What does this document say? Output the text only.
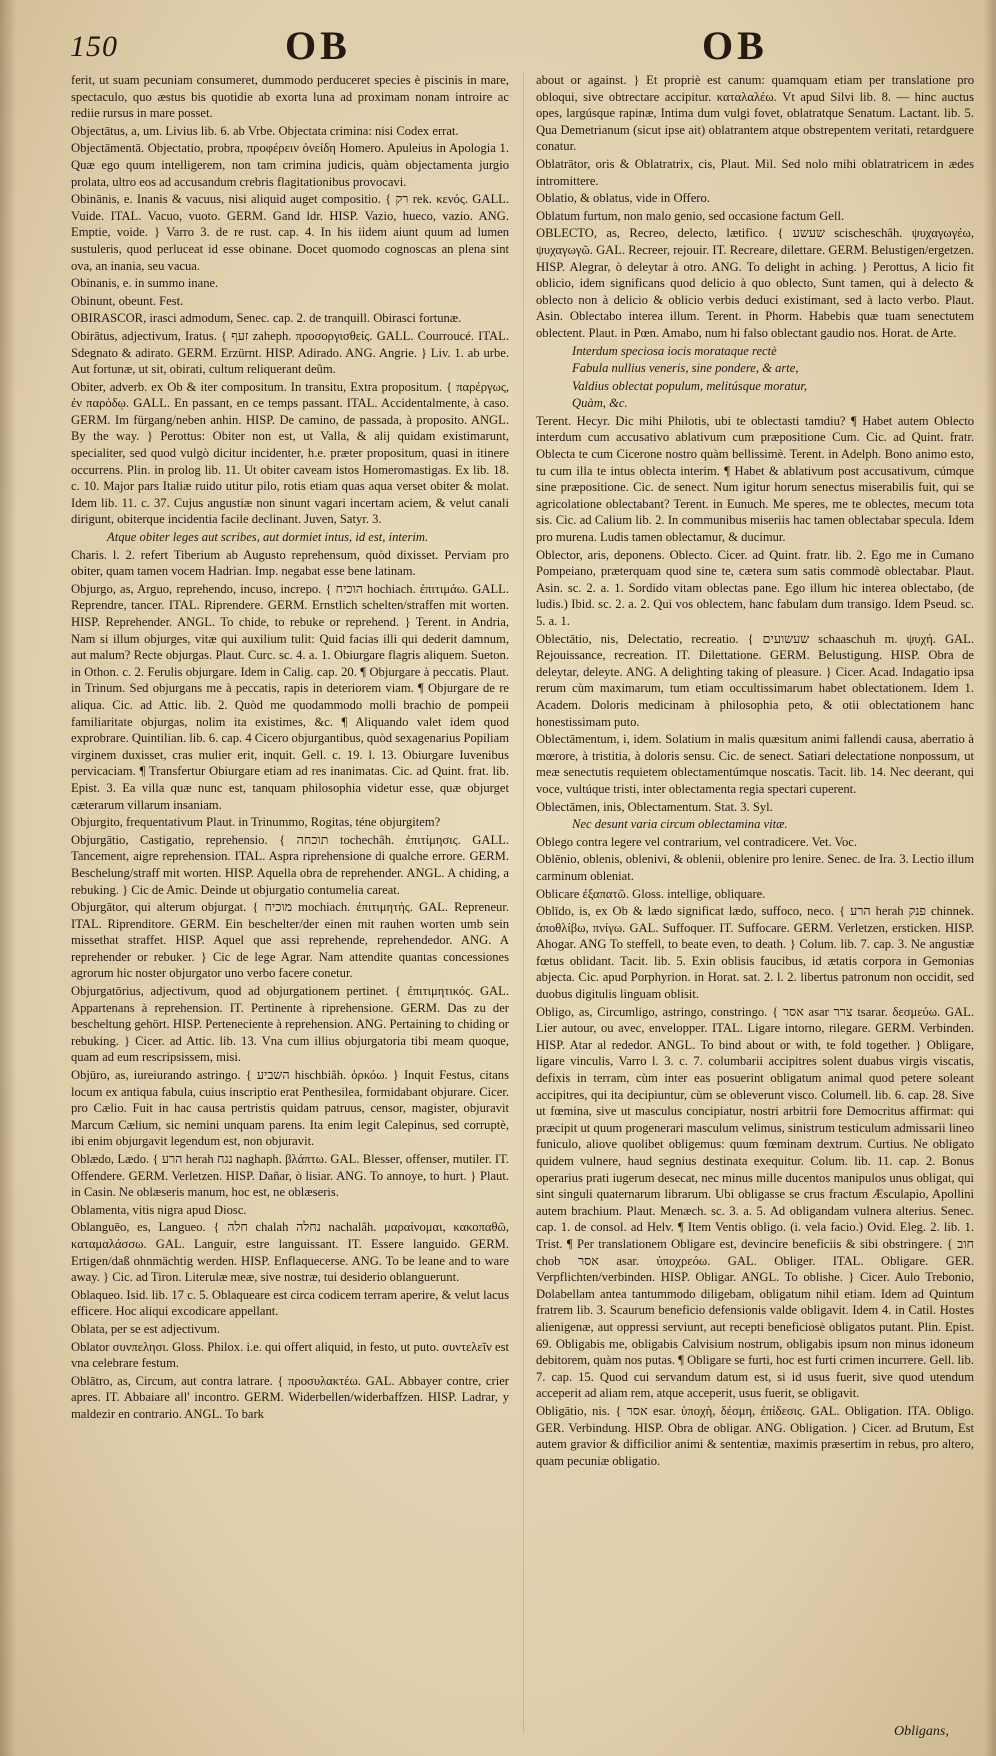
150	OB	OB

ferit, ut suam pecuniam consumeret, dummodo perduceret species è piscinis in mare, spectaculo, quo æstus bis quotidie ab exorta luna ad proximam nonam introire ac rediie rursus in mare posset.

Objectātus, a, um. Livius lib. 6. ab Vrbe. Objectata crimina: nisi Codex errat.

Objectāmentā. Objectatio, probra, προφέρειν ὀνείδη Homero. Apuleius in Apologia 1. Quæ ego quum intelligerem, non tam crimina judicis, quàm objectamenta jurgio prolata, ultro eos ad accusandum crebris flagitationibus provocavi.

Obinānis, e. Inanis & vacuus, nisi aliquid auget compositio. { רק rek. κενός. GALL. Vuide. ITAL. Vacuo, vuoto. GERM. Gand ldr. HISP. Vazio, hueco, vazio. ANG. Emptie, voide. } Varro 3. de re rust. cap. 4. In his iidem aiunt quum ad lumen sustuleris, quod perluceat id esse obinane. Docet quomodo cognoscas an plena sint ova, an inania, seu vacua.

Obinanis, e. in summo inane.

Obinunt, obeunt. Fest.

OBIRASCOR, irasci admodum, Senec. cap. 2. de tranquill. Obirasci fortunæ.

Obirātus, adjectivum, Iratus. { זעף zaheph. προσοργισθείς. GALL. Courroucé. ITAL. Sdegnato & adirato. GERM. Erzürnt. HISP. Adirado. ANG. Angrie. } Liv. 1. ab urbe. Aut fortunæ, ut sit, obirati, cultum reliquerant deûm.

Obiter, adverb. ex Ob & iter compositum. In transitu, Extra propositum. { παρέργως, ἐν παρόδῳ. GALL. En passant, en ce temps passant. ITAL. Accidentalmente, à caso. GERM. Im fürgang/neben anhin. HISP. De camino, de passada, à proposito. ANGL. By the way. } Perottus: Obiter non est, ut Valla, & alij quidam existimarunt, specialiter, sed quod vulgò dicitur incidenter, h.e. præter propositum, quasi in itinere occurrens. Plin. in prolog lib. 11. Ut obiter caveam istos Homeromastigas. Ex lib. 18. c. 10. Major pars Italiæ ruido utitur pilo, rotis etiam quas aqua verset obiter & molat. Idem lib. 11. c. 37. Cujus angustiæ non sinunt vagari incertam aciem, & velut canali dirigunt, obiterque incidentia facile declinant. Juven, Satyr. 3.

Atque obiter leges aut scribes, aut dormiet intus, id est, interim.

Charis. l. 2. refert Tiberium ab Augusto reprehensum, quòd dixisset. Perviam pro obiter, quam tamen vocem Hadrian. Imp. negabat esse bene latinam.

Objurgo, as, Arguo, reprehendo, incuso, increpo. { הוכיח hochiach. ἐπιτιμάω. GALL. Reprendre, tancer. ITAL. Riprendere. GERM. Ernstlich schelten/straffen mit worten. HISP. Reprehender. ANGL. To chide, to rebuke or reprehend. } Terent. in Andria, Nam si illum objurges, vitæ qui auxilium tulit: Quid facias illi qui dederit damnum, aut malum? Recte objurgas. Plaut. Curc. sc. 4. a. 1. Obiurgare flagris aliquem. Sueton. in Othon. c. 2. Ferulis objurgare. Idem in Calig. cap. 20. ¶ Objurgare à peccatis. Plaut. in Trinum. Sed objurgans me à peccatis, rapis in deteriorem viam. ¶ Objurgare de re aliqua. Cic. ad Attic. lib. 2. Quòd me quodammodo molli brachio de pompeii familiaritate objurgas, nolim ita existimes, &c. ¶ Aliquando valet idem quod exprobrare. Quintilian. lib. 6. cap. 4 Cicero objurgantibus, quòd sexagenarius Popiliam virginem duxisset, cras mulier erit, inquit. Gell. c. 19. l. 13. Obiurgare Iuvenibus pervicaciam. ¶ Transfertur Obiurgare etiam ad res inanimatas. Cic. ad Quint. frat. lib. Epist. 3. Ea villa quæ nunc est, tanquam philosophia videtur esse, quæ objurget cæterarum villarum insaniam.

Objurgito, frequentativum Plaut. in Trinummo, Rogitas, téne objurgitem?

Objurgātio, Castigatio, reprehensio. { תוכחה tochechâh. ἐπιτίμησις. GALL. Tancement, aigre reprehension. ITAL. Aspra riprehensione di qualche errore. GERM. Beschelung/straff mit worten. HISP. Aquella obra de reprehender. ANGL. A chiding, a rebuking. } Cic de Amic. Deinde ut objurgatio contumelia careat.

Objurgātor, qui alterum objurgat. { מוכיח mochiach. ἐπιτιμητής. GAL. Repreneur. ITAL. Riprenditore. GERM. Ein beschelter/der einen mit rauhen worten umb sein missethat straffet. HISP. Aquel que assi reprehende, reprehendedor. ANG. A reprehender or rebuker. } Cic de lege Agrar. Nam attendite quantas concessiones agrorum hic noster objurgator uno verbo facere conetur.

Objurgatōrius, adjectivum, quod ad objurgationem pertinet. { ἐπιτιμητικός. GAL. Appartenans à reprehension. IT. Pertinente à riprehensione. GERM. Das zu der bescheltung gehört. HISP. Perteneciente à reprehension. ANG. Pertaining to chiding or rebuking. } Cicer. ad Attic. lib. 13. Vna cum illius objurgatoria tibi meam quoque, quam ad eum rescripsissem, misi.

Objūro, as, iureiurando astringo. { השביע hischbiâh. ὁρκόω. } Inquit Festus, citans locum ex antiqua fabula, cuius inscriptio erat Penthesilea, formidabant objurare. Cicer. pro Cælio. Fuit in hac causa pertristis quidam patruus, censor, magister, objuravit Marcum Cælium, sic nemini unquam parens. Ita enim legit Calepinus, sed corruptè, ibi enim objurgavit legendum est, non objuravit.

Oblædo, Lædo. { הרע herah נגח naghaph. βλάπτω. GAL. Blesser, offenser, mutiler. IT. Offendere. GERM. Verletzen. HISP. Dañar, ò lisiar. ANG. To annoye, to hurt. } Plaut. in Casin. Ne oblæseris manum, hoc est, ne oblæseris.

Oblamenta, vitis nigra apud Diosc.

Oblanguēo, es, Langueo. { חלה chalah נחלה nachalâh. μαραίνομαι, κακοπαθῶ, καταμαλάσσω. GAL. Languir, estre languissant. IT. Essere languido. GERM. Ertigen/daß ohnmächtig werden. HISP. Enflaquecerse. ANG. To be leane and to ware away. } Cic. ad Tiron. Literulæ meæ, sive nostræ, tui desiderio oblanguerunt.

Oblaqueo. Isid. lib. 17 c. 5. Oblaqueare est circa codicem terram aperire, & velut lacus efficere. Hoc aliqui excodicare appellant.

Oblata, per se est adjectivum.

Oblator συνπελησι. Gloss. Philox. i.e. qui offert aliquid, in festo, ut puto. συντελεῖν est vna celebrare festum.

Oblātro, as, Circum, aut contra latrare. { προσυλακτέω. GAL. Abbayer contre, crier apres. IT. Abbaiare all' incontro. GERM. Widerbellen/widerbaffzen. HISP. Ladrar, y maldezir en contrario. ANGL. To bark

about or against. } Et propriè est canum: quamquam etiam per translatione pro obloqui, sive obtrectare accipitur. καταλαλέω. Vt apud Silvi lib. 8. — hinc auctus opes, largúsque rapinæ, Intima dum vulgi fovet, oblatratque Senatum. Lactant. lib. 5. Qua Demetrianum (sicut ipse ait) oblatrantem atque obstrepentem veritati, retardguere conatur.

Oblatrātor, oris & Oblatratrix, cis, Plaut. Mil. Sed nolo mihi oblatratricem in ædes intromittere.

Oblatio, & oblatus, vide in Offero.

Oblatum furtum, non malo genio, sed occasione factum Gell.

OBLECTO, as, Recreo, delecto, lætifico. { שעשע scischeschâh. ψυχαγωγέω, ψυχαγωγῶ. GAL. Recreer, rejouir. IT. Recreare, dilettare. GERM. Belustigen/ergetzen. HISP. Alegrar, ò deleytar à otro. ANG. To delight in aching. } Perottus, A licio fit oblicio, idem significans quod delicio à quo oblecto, Sunt tamen, qui à delecto & oblecto non à delicio & oblicio verbis deduci existimant, sed à lacto verbo. Plaut. Asin. Oblectabo interea illum. Terent. in Phorm. Habebis quæ tuam senectutem oblectent. Plaut. in Pœn. Amabo, num hi falso oblectant gaudio nos. Horat. de Arte.

Interdum speciosa iocis morataque rectè

Fabula nullius veneris, sine pondere, & arte,

Valdius oblectat populum, melitúsque moratur,

Quàm, &c.

Terent. Hecyr. Dic mihi Philotis, ubi te oblectasti tamdiu? ¶ Habet autem Oblecto interdum cum accusativo ablativum cum præpositione Cum. Cic. ad Quint. fratr. Oblecta te cum Cicerone nostro quàm bellissimè. Terent. in Adelph. Bono animo esto, tu cum illa te intus oblecta interim. ¶ Habet & ablativum post accusativum, cúmque sine præpositione. Cic. de senect. Num igitur horum senectus miserabilis fuit, qui se agricolatione oblectabant? Terent. in Eunuch. Me speres, me te oblectes, mecum tota sis. Cic. ad Calium lib. 2. In communibus miseriis hac tamen oblectabar specula. Idem pro murena. Ludis tamen oblectamur, & ducimur.

Oblector, aris, deponens. Oblecto. Cicer. ad Quint. fratr. lib. 2. Ego me in Cumano Pompeiano, præterquam quod sine te, cætera sum satis commodè oblectabar. Plaut. Asin. sc. 2. a. 1. Sordido vitam oblectas pane. Ego illum hic interea oblectabo, (de ludis.) Ibid. sc. 2. a. 2. Qui vos oblectem, hanc fabulam dum transigo. Idem Pseud. sc. 5. a. 1.

Oblectātio, nis, Delectatio, recreatio. { שעשועים schaaschuh m. ψυχή. GAL. Rejouissance, recreation. IT. Dilettatione. GERM. Belustigung. HISP. Obra de deleytar, deleyte. ANG. A delighting taking of pleasure. } Cicer. Acad. Indagatio ipsa rerum cùm maximarum, tum etiam occultissimarum habet oblectationem. Idem 1. Academ. Doloris medicinam à philosophia peto, & otii oblectationem hanc honestissimam puto.

Oblectāmentum, i, idem. Solatium in malis quæsitum animi fallendi causa, aberratio à mœrore, à tristitia, à doloris sensu. Cic. de senect. Satiari delectatione nonpossum, ut meæ senectutis requietem oblectamentúmque noscatis. Tacit. lib. 14. Nec deerant, qui voce, vultúque tristi, inter oblectamenta regia spectari cuperent.

Oblectāmen, inis, Oblectamentum. Stat. 3. Syl.

Nec desunt varia circum oblectamina vitæ.

Oblego contra legere vel contrarium, vel contradicere. Vet. Voc.

Oblēnio, oblenis, oblenivi, & oblenii, oblenire pro lenire. Senec. de Ira. 3. Lectio illum carminum obleniat.

Oblicare ἐξαπατῶ. Gloss. intellige, obliquare.

Oblīdo, is, ex Ob & lædo significat lædo, suffoco, neco. { הרע herah פנק chinnek. ἀποθλίβω, πνίγω. GAL. Suffoquer. IT. Suffocare. GERM. Verletzen, ersticken. HISP. Ahogar. ANG To steffell, to beate even, to death. } Colum. lib. 7. cap. 3. Ne angustiæ fœtus oblidant. Tacit. lib. 5. Exin oblisis faucibus, id ætatis corpora in Gemonias abjecta. Cic. apud Porphyrion. in Horat. sat. 2. l. 2. libertus patronum non occidit, sed duobus digitulis linguam oblisit.

Obligo, as, Circumligo, astringo, constringo. { אסר asar צרר tsarar. δεσμεύω. GAL. Lier autour, ou avec, envelopper. ITAL. Ligare intorno, rilegare. GERM. Verbinden. HISP. Atar al rededor. ANGL. To bind about or with, te fold together. } Obligare, ligare vinculis, Varro l. 3. c. 7. columbarii accipitres solent duabus virgis viscatis, defixis in terram, cùm inter eas posuerint obligatum animal quod petere soleant accipitres, qui ita decipiuntur, cùm se obleverunt visco. Columell. lib. 6. cap. 28. Sive ut fœmina, sive ut masculus concipiatur, nostri arbitrii fore Democritus affirmat: qui præcipit ut quum progenerari masculum velimus, sinistrum testiculum admissarii lineo funiculo, aliove quolibet obligemus: quum fœminam dextrum. Curtius. Ne obligato quidem vulnere, haud segnius destinata exequitur. Colum. lib. 11. cap. 2. Bonus operarius prati iugerum desecat, nec minus mille ducentos manipulos unus obligat, qui sint singuli quaternarum librarum. Ubi obligasse se crus fractum Æsculapio, Apollini autem brachium. Plaut. Menæch. sc. 3. a. 5. Ad obligandam vulnera alterius. Senec. cap. 1. de consol. ad Helv. ¶ Item Ventis obligo. (i. vela facio.) Ovid. Eleg. 2. lib. 1. Trist. ¶ Per translationem Obligare est, devincire beneficiis & sibi obstringere. { חוב chob אסר asar. ὑποχρεόω. GAL. Obliger. ITAL. Obligare. GER. Verpflichten/verbinden. HISP. Obligar. ANGL. To oblishe. } Cicer. Aulo Trebonio, Dolabellam antea tantummodo diligebam, obligatum nihil etiam. Idem ad Quintum fratrem lib. 3. Scaurum beneficio defensionis valde obligavit. Idem 4. in Catil. Hostes alienigenæ, aut oppressi serviunt, aut recepti beneficiosè obligatos putant. Plin. Epist. 69. Obligabis me, obligabis Calvisium nostrum, obligabis ipsum non minus idoneum debitorem, quàm nos putas. ¶ Obligare se furti, hoc est furti crimen incurrere. Gell. lib. 7. cap. 15. Quod cui servandum datum est, si id usus fuerit, sive quod utendum acceperit ad aliam rem, atque acceperit, usus fuerit, se obligavit.

Obligātio, nis. { אסר esar. ὑποχὴ, δέσμη, ἐπίδεσις. GAL. Obligation. ITA. Obligo. GER. Verbindung. HISP. Obra de obligar. ANG. Obligation. } Cicer. ad Brutum, Est autem gravior & difficilior animi & sententiæ, maximis præsertim in rebus, pro altero, quam pecuniæ obligatio.

Obligans,
